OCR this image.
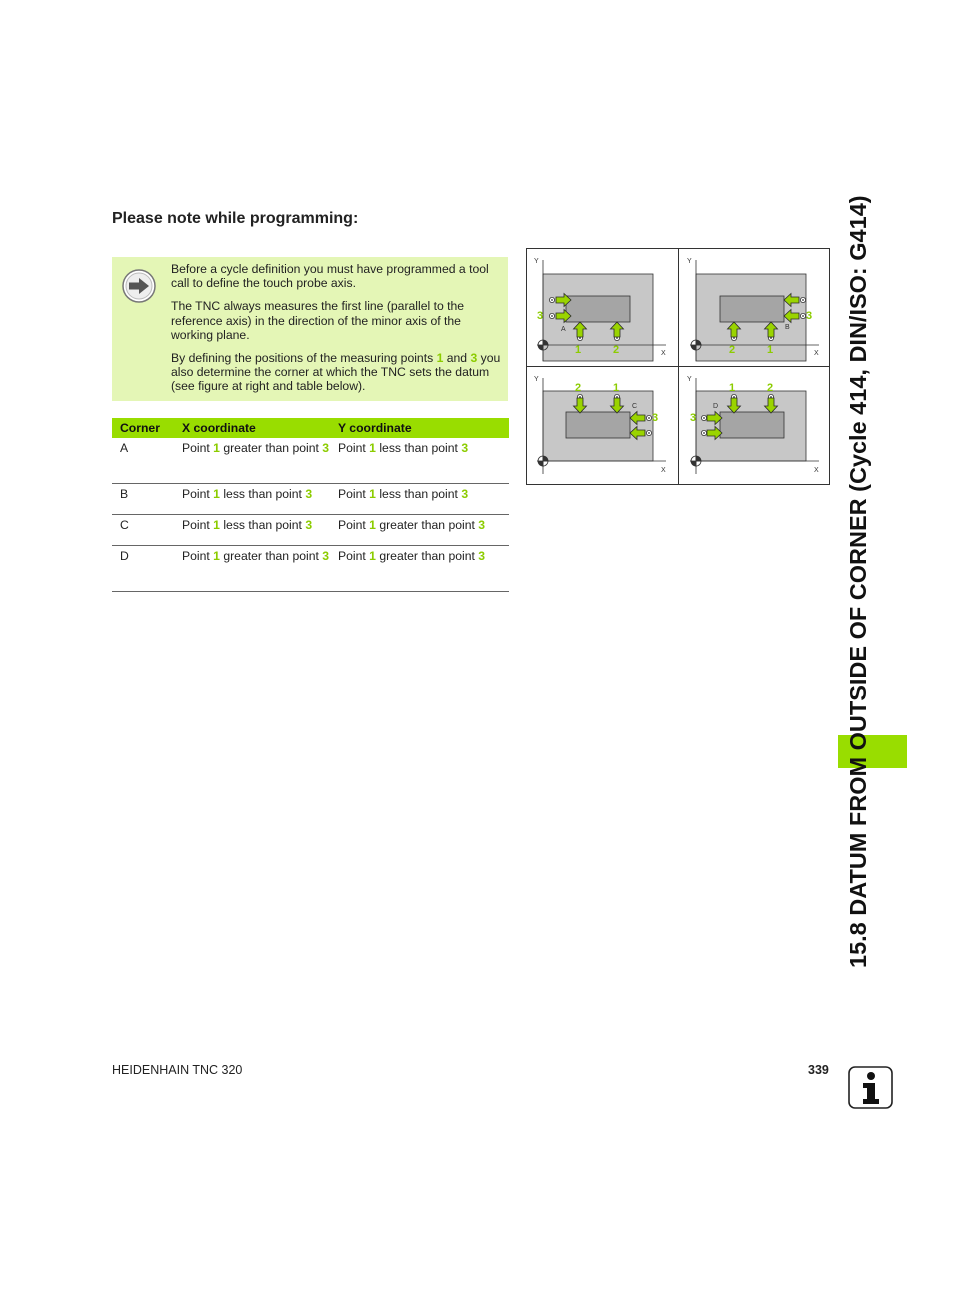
Please note while programming:

Before a cycle definition you must have programmed a tool call to define the touch probe axis.

The TNC always measures the first line (parallel to the reference axis) in the direction of the minor axis of the working plane.

By defining the positions of the measuring points 1 and 3 you also determine the corner at which the TNC sets the datum (see figure at right and table below).

Corner	X coordinate	Y coordinate
A	Point 1 greater than point 3	Point 1 less than point 3
B	Point 1 less than point 3	Point 1 less than point 3
C	Point 1 less than point 3	Point 1 greater than point 3
D	Point 1 greater than point 3	Point 1 greater than point 3
Y
X
A
3
1	2
Y
X
B
3
1
2
Y
X
C
3
1
2
Y
X
D
3
1	2	15.8 DATUM FROM OUTSIDE OF CORNER (Cycle 414, DIN/ISO: G414)
HEIDENHAIN TNC 320	339
